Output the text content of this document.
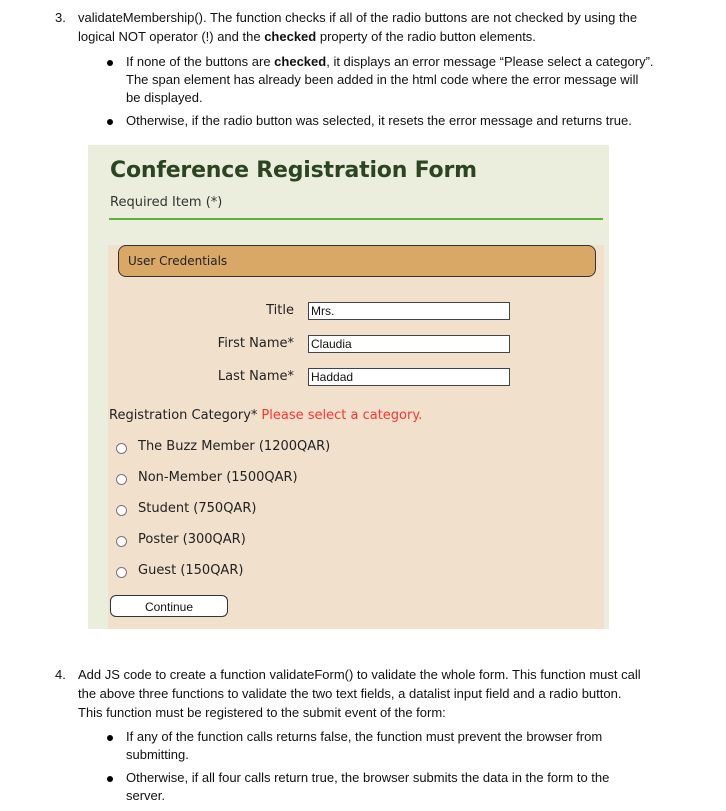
3. validateMembership(). The function checks if all of the radio buttons are not checked by using the
logical NOT operator (!) and the checked property of the radio button elements.
If none of the buttons are checked, it displays an error message “Please select a category”.
The span element has already been added in the html code where the error message will
be displayed.
Otherwise, if the radio button was selected, it resets the error message and returns true.
Conference Registration Form
Required Item (*)
User Credentials
Title Mrs.
First Name* Claudia
Last Name* Haddad
Registration Category* Please select a category.
The Buzz Member (1200QAR)
Non-Member (1500QAR)
Student (750QAR)
Poster (300QAR)
Guest (150QAR)
Continue
4. Add JS code to create a function validateForm() to validate the whole form. This function must call
the above three functions to validate the two text fields, a datalist input field and a radio button.
This function must be registered to the submit event of the form:
If any of the function calls returns false, the function must prevent the browser from
submitting.
Otherwise, if all four calls return true, the browser submits the data in the form to the
server.
